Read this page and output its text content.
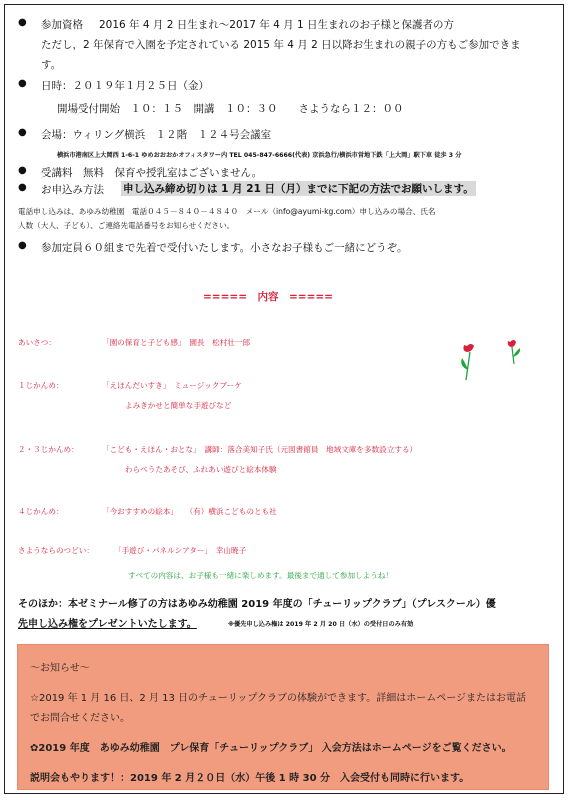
● 参加資格 2016 年 4 月 2 日生まれ～2017 年 4 月 1 日生まれのお子様と保護者の方
ただし，2 年保育で入園を予定されている 2015 年 4 月 2 日以降お生まれの親子の方もご参加できま
す。
● 日時：２０１９年１月２５日（金）
開場受付開始　１０：１５　開講　１０：３０　　さようなら１２：００
● 会場：ウィリング横浜　１２階　１２４号会議室
横浜市港南区上大岡西 1-6-1 ゆめおおおかオフィスタワー内 TEL 045-847-6666(代表) 京浜急行/横浜市営地下鉄「上大岡」駅下車 徒歩 3 分
● 受講料　無料　保育や授乳室はございません。
● お申込み方法 申し込み締め切りは 1 月 21 日（月）までに下記の方法でお願いします。
電話申し込みは、あゆみ幼稚園　電話０４５－８４０－４８４０　メール（info@ayumi-kg.com）申し込みの場合、氏名
人数（大人、子ども）、ご連絡先電話番号をお知らせください。
● 参加定員６０組まで先着で受付いたします。小さなお子様もご一緒にどうぞ。
=====　内容　=====
あいさつ：	「園の保育と子ども感」　園長　松村壮一郎
１じかんめ：	「えほんだいすき」　ミュージックブーケ
よみきかせと簡単な手遊びなど
２・３じかんめ：	「こども・えほん・おとな」　講師：落合美知子氏（元図書館員　地域文庫を多数設立する）
わらべうたあそび、ふれあい遊びと絵本体験
４じかんめ：	「今おすすめの絵本」　　（有）横浜こどものとも社
さようならのつどい：	「手遊び・パネルシアター」　幸山暁子
すべての内容は、お子様も一緒に楽しめます。最後まで通して参加しようね！
そのほか：本ゼミナール修了の方はあゆみ幼稚園 2019 年度の「チューリップクラブ」（プレスクール）優
先申し込み権をプレゼントいたします。	※優先申し込み権は 2019 年 2 月 20 日（水）の受付日のみ有効
～お知らせ～
☆2019 年 1 月 16 日、2 月 13 日のチューリップクラブの体験ができます。詳細はホームページまたはお電話
でお問合せください。
✿2019 年度　あゆみ幼稚園　プレ保育「チューリップクラブ」 入会方法はホームページをご覧ください。
説明会もやります！：2019 年 2 月２０日（水）午後 1 時 30 分　入会受付も同時に行います。
